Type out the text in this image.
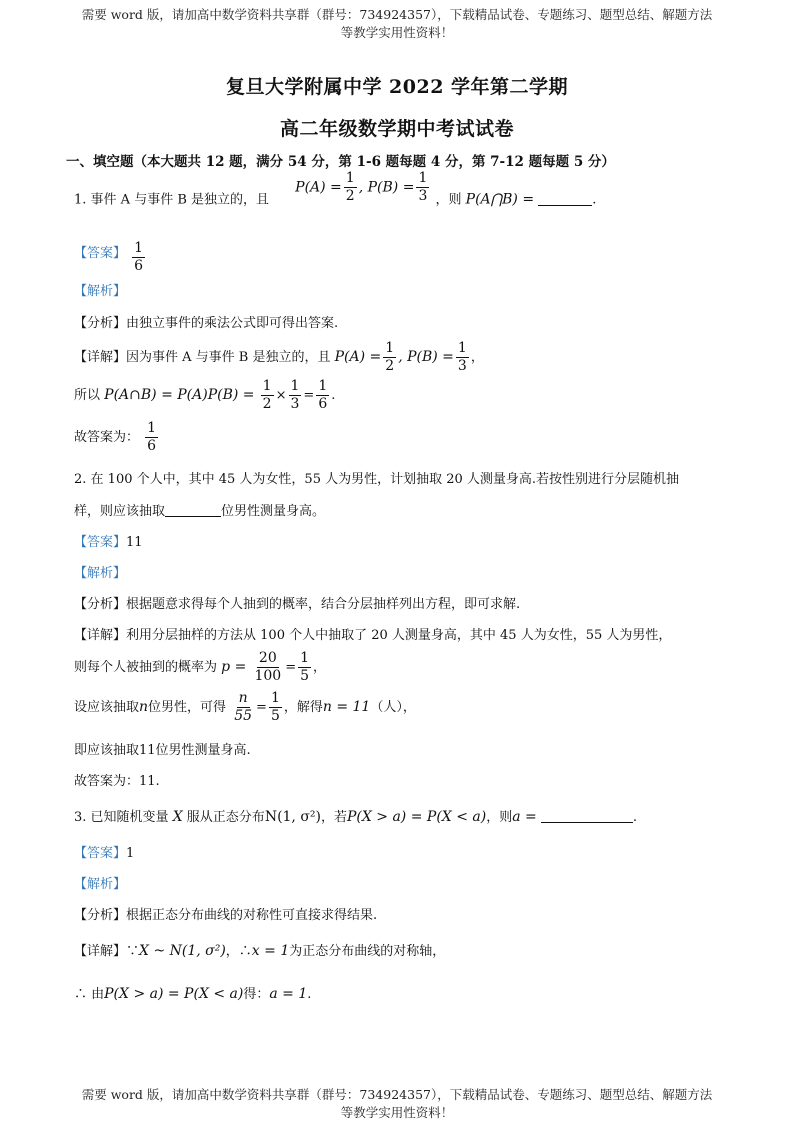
需要 word 版，请加高中数学资料共享群（群号：734924357），下载精品试卷、专题练习、题型总结、解题方法
等教学实用性资料！
复旦大学附属中学 2022 学年第二学期
高二年级数学期中考试试卷
一、填空题（本大题共 12 题，满分 54 分，第 1-6 题每题 4 分，第 7-12 题每题 5 分）
1. 事件 A 与事件 B 是独立的，且 $P(A) = \frac{1}{2}$ , $P(B) = \frac{1}{3}$ ，则 P(A⋂B) =	.
【答案】 $\frac{1}{6}$
【解析】
【分析】由独立事件的乘法公式即可得出答案.
【详解】因为事件 A 与事件 B 是独立的，且 $P(A) = \frac{1}{2}$ , $P(B) = \frac{1}{3}$ ，
所以 P(A∩B) = $P(A)P(B) = \frac{1}{2} \times \frac{1}{3} = \frac{1}{6}$ .
故答案为： $\frac{1}{6}$
2. 在 100 个人中，其中 45 人为女性，55 人为男性，计划抽取 20 人测量身高.若按性别进行分层随机抽
样，则应该抽取	位男性测量身高。
【答案】11
【解析】
【分析】根据题意求得每个人抽到的概率，结合分层抽样列出方程，即可求解.
【详解】利用分层抽样的方法从 100 个人中抽取了 20 人测量身高，其中 45 人为女性，55 人为男性，
则每个人被抽到的概率为 $p = \frac{20}{100} = \frac{1}{5}$ ，
设应该抽取n位男性，可得 $\frac{n}{55} = \frac{1}{5}$ ，解得n = 11（人），
即应该抽取11位男性测量身高.
故答案为：11.
3. 已知随机变量 X 服从正态分布N(1, σ²)，若P(X > a) = P(X < a)，则a =	.
【答案】1
【解析】
【分析】根据正态分布曲线的对称性可直接求得结果.
【详解】∵X ~ N(1, σ²)，∴x = 1为正态分布曲线的对称轴，
∴ 由P(X > a) = P(X < a)得：a = 1.
需要 word 版，请加高中数学资料共享群（群号：734924357），下载精品试卷、专题练习、题型总结、解题方法
等教学实用性资料！
